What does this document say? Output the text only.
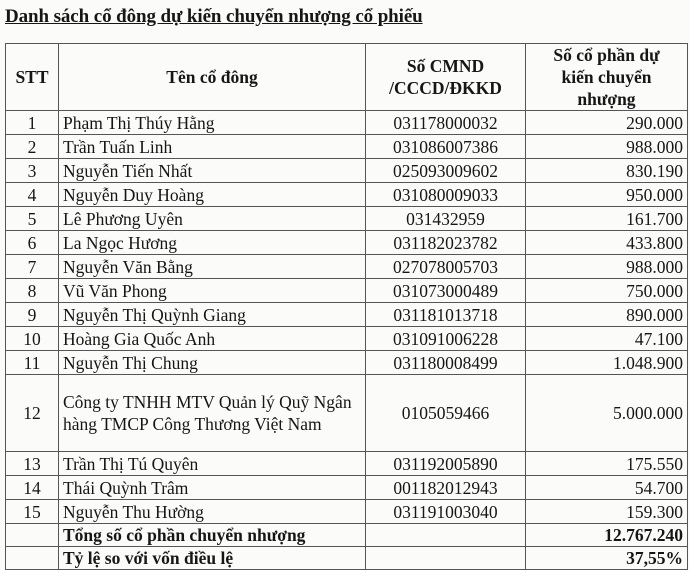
Danh sách cổ đông dự kiến chuyển nhượng cổ phiếu
STT	Tên cổ đông	Số CMND /CCCD/ĐKKD	Số cổ phần dự kiến chuyển nhượng
1	Phạm Thị Thúy Hằng	031178000032	290.000
2	Trần Tuấn Linh	031086007386	988.000
3	Nguyễn Tiến Nhất	025093009602	830.190
4	Nguyễn Duy Hoàng	031080009033	950.000
5	Lê Phương Uyên	031432959	161.700
6	La Ngọc Hương	031182023782	433.800
7	Nguyễn Văn Bằng	027078005703	988.000
8	Vũ Văn Phong	031073000489	750.000
9	Nguyễn Thị Quỳnh Giang	031181013718	890.000
10	Hoàng Gia Quốc Anh	031091006228	47.100
11	Nguyễn Thị Chung	031180008499	1.048.900
12	Công ty TNHH MTV Quản lý Quỹ Ngân hàng TMCP Công Thương Việt Nam	0105059466	5.000.000
13	Trần Thị Tú Quyên	031192005890	175.550
14	Thái Quỳnh Trâm	001182012943	54.700
15	Nguyễn Thu Hường	031191003040	159.300
	Tổng số cổ phần chuyển nhượng		12.767.240
	Tỷ lệ so với vốn điều lệ		37,55%
